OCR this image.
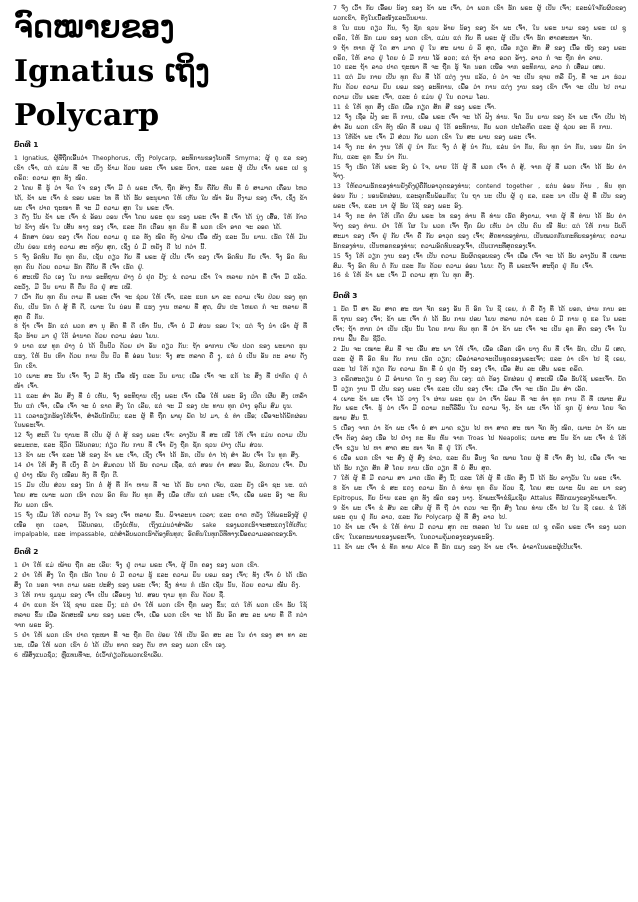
ຈົດໝາຍຂອງ Ignatius ເຖິງ Polycarp
ບົດທີ 1

1 Ignatius, ຜູ້ທີ່ຖືກເອີ້ນວ່າ Theophorus, ເຖິງ Polycarp, ອະທິການຂອງໂບດທີ່ Smyrna; ຜູ້ ດູ ແລ ຂອງ ເຂົາ ເຈົ້າ, ແຕ່ ແມ່ນ ທີ່ ຈະ ເບິ່ງ ຂ້າມ ດ້ວຍ ພຣະ ເຈົ້າ ພຣະ ບິດາ, ແລະ ພຣະ ຜູ້ ເປັນ ເຈົ້າ ພຣະ ເຢ ຊູ ຄຣິດ: ຄວາມ ສຸກ ທັງ ໝົດ.

2 ໂດຍ ທີ່ ຮູ້ ວ່າ ຈິດ ໃຈ ຂອງ ເຈົ້າ ມີ ຕໍ່ ພຣະ ເຈົ້າ, ຖືກ ສ້າງ ຂຶ້ນ ຄືກັບ ຫີນ ທີ່ ບໍ່ ສາມາດ ເຄື່ອນ ໄຫວ ໄດ້, ຂ້າ ພະ ເຈົ້າ ຂໍ ຂອບ ພຣະ ໄທ ທີ່ ໄດ້ ຮັບ ອະນຸຍາດ ໃຫ້ ເຫັນ ໃບ ໜ້າ ອັນ ດີງາມ ຂອງ ເຈົ້າ, ເຊິ່ງ ຂ້າພະ ເຈົ້າ ປາດ ຖະໜາ ທີ່ ຈະ ມີ ຄວາມ ສຸກ ໃນ ພຣະ ເຈົ້າ.

3 ດັ່ງ ນັ້ນ ຂ້າ ພະ ເຈົ້າ ຂໍ ອ້ອນ ວອນ ເຈົ້າ ໂດຍ ພຣະ ຄຸນ ຂອງ ພຣະ ເຈົ້າ ທີ່ ເຈົ້າ ໄດ້ ນຸ່ງ ເສື້ອ, ໃຫ້ ກ້າວ ໄປ ຂ້າງ ໜ້າ ໃນ ເສັ້ນ ທາງ ຂອງ ເຈົ້າ, ແລະ ຕັກ ເຕືອນ ທຸກ ຄົນ ທີ່ ພວກ ເຂົາ ອາດ ຈະ ລອດ ໄດ້.

4 ຮັກສາ ບ່ອນ ຂອງ ເຈົ້າ ດ້ວຍ ຄວາມ ດູ ແລ ທັງ ໝົດ ທັງ ຝ່າຍ ເນື້ອ ໜັງ ແລະ ວິນ ຍານ. ເຮັດ ໃຫ້ ມັນ ເປັນ ບ່ອນ ແຫ່ງ ຄວາມ ສະ ຫງົບ ສຸກ, ເຊິ່ງ ບໍ່ ມີ ຫຍັງ ດີ ໄປ ກວ່າ ນີ້.

5 ຈົ່ງ ອົດທົນ ກັບ ທຸກ ຄົນ, ເຊັ່ນ ດຽວ ກັບ ທີ່ ພຣະ ຜູ້ ເປັນ ເຈົ້າ ຂອງ ເຈົ້າ ອົດທົນ ກັບ ເຈົ້າ. ຈົ່ງ ອົດ ທົນ ທຸກ ຄົນ ດ້ວຍ ຄວາມ ຮັກ ຄືກັບ ທີ່ ເຈົ້າ ເຮັດ ຢູ່.

6 ສະເໜີ ຕົວ ເອງ ໃນ ການ ອະທິຖານ ຢ່າງ ບໍ່ ຢຸດ ຢັ້ງ; ຂໍ ຄວາມ ເຂົ້າ ໃຈ ຫລາຍ ກວ່າ ທີ່ ເຈົ້າ ມີ ແລ້ວ. ລະວັງ, ມີ ວິນ ຍານ ທີ່ ຕື່ນ ຕົວ ຢູ່ ສະ ເໝີ.

7 ເວົ້າ ກັບ ທຸກ ຄົນ ຕາມ ທີ່ ພຣະ ເຈົ້າ ຈະ ຊ່ວຍ ໃຫ້ ເຈົ້າ, ແລະ ແບກ ພາ ລະ ຄວາມ ເຈັບ ປ່ວຍ ຂອງ ທຸກ ຄົນ, ເປັນ ນັກ ຕໍ່ ສູ້ ທີ່ ດີ, ເພາະ ໃນ ບ່ອນ ທີ່ ແຮງ ງານ ຫລາຍ ທີ່ ສຸດ, ຜົນ ປະ ໂຫຍດ ກໍ ຈະ ຫລາຍ ທີ່ ສຸດ ຄື ກັນ.

8 ຖ້າ ເຈົ້າ ຮັກ ແຕ່ ພວກ ສາ ນຸ ສິດ ທີ່ ດີ ເທົ່າ ນັ້ນ, ເຈົ້າ ບໍ່ ມີ ສ່ວນ ຂອບ ໃຈ; ແຕ່ ຈົ່ງ ນຳ ເອົາ ຜູ້ ທີ່ ຊົ່ວ ຮ້າຍ ມາ ຢູ່ ໃຕ້ ອຳນາດ ດ້ວຍ ຄວາມ ອ່ອນ ໂຍນ.

9 ບາດ ແຜ ທຸກ ຢ່າງ ບໍ່ ໄດ້ ປິ່ນປົວ ດ້ວຍ ຢາ ອັນ ດຽວ ກັນ: ຖ້າ ອາການ ເຈັບ ປວດ ຂອງ ພະຍາດ ຮຸນ ແຮງ, ໃຫ້ ບັນ ເທົາ ດ້ວຍ ການ ປິ່ນ ປົວ ທີ່ ອ່ອນ ໂຍນ: ຈົ່ງ ສະ ຫລາດ ຄື ງູ, ແຕ່ ບໍ່ ເປັນ ອັນ ຕະ ລາຍ ດັ່ງ ນົກ ເຂົາ.

10 ເພາະ ສະ ນັ້ນ ເຈົ້າ ຈຶ່ງ ມີ ທັງ ເນື້ອ ໜັງ ແລະ ວິນ ຍານ; ເພື່ອ ເຈົ້າ ຈະ ແກ້ ໄຂ ສິ່ງ ທີ່ ປາກົດ ຢູ່ ຕໍ່ ໜ້າ ເຈົ້າ.

11 ແລະ ສຳ ລັບ ສິ່ງ ທີ່ ບໍ່ ເຫັນ, ຈົ່ງ ອະທິຖານ ເຖິງ ພຣະ ເຈົ້າ ເພື່ອ ໃຫ້ ພຣະ ອົງ ເປີດ ເຜີຍ ສິ່ງ ເຫລົ່າ ນັ້ນ ແກ່ ເຈົ້າ, ເພື່ອ ເຈົ້າ ຈະ ບໍ່ ຂາດ ສິ່ງ ໃດ ເລີຍ, ແຕ່ ຈະ ມີ ຂອງ ປະ ທານ ທຸກ ຢ່າງ ອຸດົມ ສົມ ບູນ.

11 ເວລາຮຽກຮ້ອງໃຫ້ເຈົ້າ, ສຳລັບນັກບິນ; ແລະ ຜູ້ ທີ່ ຖືກ ພາຍຸ ພັດ ໄປ ມາ, ຂໍ ທ່າ ເຮືອ; ເພື່ອຈະໄດ້ພັກຜ່ອນໃນພຣະເຈົ້າ.

12 ຈົ່ງ ສະຕິ ໃນ ຖານະ ທີ່ ເປັນ ຜູ້ ຕໍ່ ສູ້ ຂອງ ພຣະ ເຈົ້າ: ລາງວັນ ທີ່ ສະ ເໜີ ໃຫ້ ເຈົ້າ ແມ່ນ ຄວາມ ເປັນ ອະມະຕະ, ແລະ ຊີວິດ ນິລັນດອນ; ກ່ຽວ ກັບ ການ ທີ່ ເຈົ້າ ຍັງ ຖືກ ຊັກ ຊວນ ຢ່າງ ເຕັມ ສ່ວນ.

13 ຂ້າ ພະ ເຈົ້າ ແລະ ໂສ້ ຂອງ ຂ້າ ພະ ເຈົ້າ, ເຊິ່ງ ເຈົ້າ ໄດ້ ຮັກ, ເປັນ ຄ່າ ໄຖ່ ສຳ ລັບ ເຈົ້າ ໃນ ທຸກ ສິ່ງ.

14 ຢ່າ ໃຫ້ ສິ່ງ ທີ່ ເບິ່ງ ຄື ວ່າ ສົມຄວນ ໄດ້ ຮັບ ຄວາມ ເຊື່ອ, ແຕ່ ສອນ ຄຳ ສອນ ອື່ນ, ລົບກວນ ເຈົ້າ. ຢືນ ຢູ່ ຢ່າງ ໝັ້ນ ຄົງ ເໝືອນ ທັ່ງ ທີ່ ຖືກ ຕີ.

15 ມັນ ເປັນ ສ່ວນ ຂອງ ນັກ ຕໍ່ ສູ້ ທີ່ ກ້າ ຫານ ທີ່ ຈະ ໄດ້ ຮັບ ບາດ ເຈັບ, ແລະ ຍັງ ເອົາ ຊະ ນະ. ແຕ່ ໂດຍ ສະ ເພາະ ພວກ ເຮົາ ຄວນ ອົດ ທົນ ກັບ ທຸກ ສິ່ງ ເພື່ອ ເຫັນ ແກ່ ພຣະ ເຈົ້າ, ເພື່ອ ພຣະ ອົງ ຈະ ທົນ ກັບ ພວກ ເຮົາ.

15 ຈົ່ງ ເພີ່ມ ໃຫ້ ຄວາມ ຕັ້ງ ໃຈ ຂອງ ເຈົ້າ ຫລາຍ ຂຶ້ນ. ພິຈາລະນາ ເວລາ; ແລະ ຄາດ ຫວັງ ໃຫ້ພຣະອົງຜູ້ ຢູ່ເໜືອ ທຸກ ເວລາ, ນິລັນດອນ, ເບິ່ງບໍ່ເຫັນ, ເຖິງແມ່ນວ່າສຳລັບ sake ຂອງພວກເຮົາຈະສະແດງໃຫ້ເຫັນ; impalpable, ແລະ impassable, ແຕ່ສຳລັບພວກເຮົາຕ້ອງທົນທຸກ; ອົດທົນໃນທຸກວິທີທາງເພື່ອຄວາມລອດຂອງເຮົາ.

ບົດທີ 2

1 ຢ່າ ໃຫ້ ແມ່ ໝ້າຍ ຖືກ ລະ ເລີຍ: ຈົ່ງ ຢູ່ ຕາມ ພຣະ ເຈົ້າ, ຜູ້ ປົກ ຄອງ ຂອງ ພວກ ເຂົາ.

2 ຢ່າ ໃຫ້ ສິ່ງ ໃດ ຖືກ ເຮັດ ໂດຍ ບໍ່ ມີ ຄວາມ ຮູ້ ແລະ ຄວາມ ຍິນ ຍອມ ຂອງ ເຈົ້າ; ທັງ ເຈົ້າ ບໍ່ ໄດ້ ເຮັດ ສິ່ງ ໃດ ນອກ ຈາກ ຕາມ ພຣະ ປະສົງ ຂອງ ພຣະ ເຈົ້າ; ຊຶ່ງ ທ່ານ ກໍ ເຮັດ ເຊັ່ນ ນັ້ນ, ດ້ວຍ ຄວາມ ໝັ້ນ ຄົງ.

3 ໃຫ້ ການ ຊຸມນຸມ ຂອງ ເຈົ້າ ເປັນ ເລື້ອຍໆ ໄປ. ສອບ ຖາມ ທຸກ ຄົນ ດ້ວຍ ຊື່.

4 ຢ່າ ແຍກ ຂ້າ ໃຊ້ ຊາຍ ແລະ ຍິງ; ແຕ່ ຢ່າ ໃຫ້ ພວກ ເຂົາ ຖືກ ພອງ ຂຶ້ນ; ແຕ່ ໃຫ້ ພວກ ເຂົາ ຮັບ ໃຊ້ ຫລາຍ ຂຶ້ນ ເພື່ອ ລັດສະໝີ ພາບ ຂອງ ພຣະ ເຈົ້າ, ເພື່ອ ພວກ ເຂົາ ຈະ ໄດ້ ຮັບ ອິດ ສະ ລະ ພາບ ທີ່ ດີ ກວ່າ ຈາກ ພຣະ ອົງ.

5 ຢ່າ ໃຫ້ ພວກ ເຂົາ ປາດ ຖະໜາ ທີ່ ຈະ ຖືກ ປົດ ປ່ອຍ ໃຫ້ ເປັນ ອິດ ສະ ລະ ໃນ ຄ່າ ຂອງ ສາ ທາ ລະ ນະ, ເພື່ອ ໃຫ້ ພວກ ເຂົາ ບໍ່ ໄດ້ ເປັນ ທາດ ຂອງ ຕັນ ຫາ ຂອງ ພວກ ເຂົາ ເອງ.

6 ໜີສິ່ງແນວຊົ່ວ; ຫຼືແທນທີ່ຈະ, ບໍ່ເວົ້າກ່ຽວກັບພວກເຂົາເລີຍ.

7 ຈົ່ງ ເວົ້າ ກັບ ເອື້ອຍ ນ້ອງ ຂອງ ຂ້າ ພະ ເຈົ້າ, ວ່າ ພວກ ເຂົາ ຮັກ ພຣະ ຜູ້ ເປັນ ເຈົ້າ; ແລະພໍໃຈກັບຜົວຂອງພວກເຂົາ, ທັງໃນເນື້ອໜັງແລະວິນຍານ.

8 ໃນ ແບບ ດຽວ ກັນ, ຈົ່ງ ຊັກ ຊວນ ອ້າຍ ນ້ອງ ຂອງ ຂ້າ ພະ ເຈົ້າ, ໃນ ພຣະ ນາມ ຂອງ ພຣະ ເຢ ຊູ ຄຣິດ, ໃຫ້ ຮັກ ເມຍ ຂອງ ພວກ ເຂົາ, ແມ່ນ ແຕ່ ກັບ ທີ່ ພຣະ ຜູ້ ເປັນ ເຈົ້າ ຮັກ ສາດສະໜາ ຈັກ.

9 ຖ້າ ຫາກ ຜູ້ ໃດ ສາ ມາດ ຢູ່ ໃນ ສະ ພາບ ບໍ ລິ ສຸດ, ເພື່ອ ກຽດ ສັກ ສີ ຂອງ ເນື້ອ ໜັງ ຂອງ ພຣະ ຄຣິດ, ໃຫ້ ລາວ ຢູ່ ໂດຍ ບໍ່ ມີ ການ ໂອ້ ອວດ; ແຕ່ ຖ້າ ລາວ ອວດ ອ້າງ, ລາວ ກໍ ຈະ ຖືກ ທຳ ລາຍ.

10 ແລະ ຖ້າ ລາວ ປາດ ຖະໜາ ທີ່ ຈະ ຖືກ ຮູ້ ຈັກ ນອກ ເໜືອ ຈາກ ອະທິການ, ລາວ ກໍ ເສື່ອມ ເສຍ.

11 ແຕ່ ມັນ ກາຍ ເປັນ ທຸກ ຄົນ ທີ່ ໄດ້ ແຕ່ງ ງານ ແລ້ວ, ບໍ່ ວ່າ ຈະ ເປັນ ຊາຍ ຫລື ຍິງ, ທີ່ ຈະ ມາ ຮ່ວມ ກັນ ດ້ວຍ ຄວາມ ຍິນ ຍອມ ຂອງ ອະທິການ, ເພື່ອ ວ່າ ການ ແຕ່ງ ງານ ຂອງ ເຂົາ ເຈົ້າ ຈະ ເປັນ ໄປ ຕາມ ຄວາມ ເປັນ ພຣະ ເຈົ້າ, ແລະ ບໍ່ ແມ່ນ ຢູ່ ໃນ ຄວາມ ໂລບ.

11 ຂໍ ໃຫ້ ທຸກ ສິ່ງ ເຮັດ ເພື່ອ ກຽດ ສັກ ສີ ຂອງ ພຣະ ເຈົ້າ.

12 ຈົ່ງ ເຊື່ອ ຟັງ ອະ ທິ ການ, ເພື່ອ ພຣະ ເຈົ້າ ຈະ ໄດ້ ຟັງ ທ່ານ. ຈິດ ວິນ ຍານ ຂອງ ຂ້າ ພະ ເຈົ້າ ເປັນ ໄຖ່ ສຳ ລັບ ພວກ ເຂົາ ທັງ ໝົດ ທີ່ ຍອມ ຢູ່ ໃຕ້ ອະທິການ, ກັບ ພວກ ປະໂລຫິດ ແລະ ຜູ້ ຊ່ວຍ ອະ ທິ ການ.

13 ໃຫ້ຂ້າ ພະ ເຈົ້າ ມີ ສ່ວນ ກັບ ພວກ ເຂົາ ໃນ ສະ ພາບ ຂອງ ພຣະ ເຈົ້າ.

14 ຈົ່ງ ກະ ທຳ ງານ ໃຫ້ ຢູ່ ນຳ ກັນ: ຈົ່ງ ຕໍ່ ສູ້ ນຳ ກັນ, ແລ່ນ ນຳ ກັນ, ທົນ ທຸກ ນຳ ກັນ, ນອນ ພັກ ນຳ ກັນ, ແລະ ລຸກ ຂຶ້ນ ນຳ ກັນ.

15 ຈົ່ງ ເຮັດ ໃຫ້ ພຣະ ອົງ ພໍ ໃຈ, ພາຍ ໃຕ້ ຜູ້ ທີ່ ພວກ ເຈົ້າ ຕໍ່ ສູ້, ຈາກ ຜູ້ ທີ່ ພວກ ເຈົ້າ ໄດ້ ຮັບ ຄ່າ ຈ້າງ.

13 ໃຫ້ຄວາມຮັກຂອງທ່ານຍັງຄົງຢູ່ຄືກັບອາວຸດຂອງທ່ານ; contend together , ແຕ່ນ ອ່ອນ ກ້ານ , ທົນ ທຸກ ອ່ອນ ກັນ ; ນອນພັກຜ່ອນ, ແລະລຸກຂຶ້ນພ້ອມກັນ; ໃນ ຖາ ນະ ເປັນ ຜູ້ ດູ ແລ, ແລະ ນາ ເປັນ ຜູ້ ທີ່ ເປັນ ຂອງ ພຣະ ເຈົ້າ, ແລະ ນາ ຜູ້ ຮັບ ໃຊ້ ຂອງ ພຣະ ອົງ.

14 ຈົ່ງ ກະ ທຳ ໃຫ້ ເກີດ ຜົນ ພຣະ ໄທ ຂອງ ທ່ານ ທີ່ ທ່ານ ເຮັດ ສົງຄາມ, ຈາກ ຜູ້ ທີ່ ທ່ານ ໄດ້ ຮັບ ຄ່າ ຈ້າງ ຂອງ ທ່ານ. ຢ່າ ໃຫ້ ໃຜ ໃນ ພວກ ເຈົ້າ ຖືກ ພົບ ເຫັນ ວ່າ ເປັນ ຄົນ ໜີ ທັບ: ແຕ່ ໃຫ້ ການ ບັບຕິ ສະມາ ຂອງ ເຈົ້າ ຢູ່ ກັບ ເຈົ້າ ຄື ກັບ ອາວຸດ ຂອງ ເຈົ້າ; ສັດທາຂອງທ່ານ, ເປັນໝວກກັນກະທົບຂອງທ່ານ; ຄວາມຮັກຂອງທ່ານ, ເປັນຫອກຂອງທ່ານ; ຄວາມອົດທົນຂອງເຈົ້າ, ເປັນເກາະທີ່ສຸດຂອງເຈົ້າ.

15 ຈົ່ງ ໃຫ້ ວຽກ ງານ ຂອງ ເຈົ້າ ເປັນ ຄວາມ ຮັບຜິດຊອບຂອງ ເຈົ້າ ເພື່ອ ເຈົ້າ ຈະ ໄດ້ ຮັບ ລາງວັນ ທີ່ ເໝາະ ສົມ. ຈົ່ງ ອົດ ທົນ ຕໍ່ ກັນ ແລະ ກັນ ດ້ວຍ ຄວາມ ອ່ອນ ໂຍນ: ດັ່ງ ທີ່ ພຣະເຈົ້າ ສະຖິດ ຢູ່ ກັບ ເຈົ້າ.

16 ຂໍ ໃຫ້ ຂ້າ ພະ ເຈົ້າ ມີ ຄວາມ ສຸກ ໃນ ທຸກ ສິ່ງ.

ບົດທີ 3

1 ບັດ ນີ້ ສາ ລັບ ສາດ ສະ ໜາ ຈັກ ຂອງ ອັນ ຕິ ອົກ ໃນ ຊີ ເຣຍ, ກໍ ຄື ດັ່ງ ທີ່ ໄດ້ ບອກ, ຜ່ານ ການ ອະ ທິ ຖານ ຂອງ ເຈົ້າ; ຂ້າ ພະ ເຈົ້າ ກໍ ໄດ້ ຮັບ ການ ປອບ ໂຍນ ຫລາຍ ກວ່າ ແລະ ບໍ່ ມີ ການ ດູ ແລ ໃນ ພຣະ ເຈົ້າ; ຖ້າ ຫາກ ວ່າ ເປັນ ເຊັ່ນ ນັ້ນ ໂດຍ ການ ທົນ ທຸກ ທີ່ ວ່າ ຂ້າ ພະ ເຈົ້າ ຈະ ເປັນ ລູກ ສິດ ຂອງ ເຈົ້າ ໃນ ການ ຟື້ນ ຄືນ ຊີວິດ.

2 ມັນ ຈະ ເໝາະ ສົມ ທີ່ ຈະ ເອີ້ນ ສະ ພາ ໃຫ້ ເຈົ້າ, ເພື່ອ ເລືອກ ເອົາ ບາງ ຄົນ ທີ່ ເຈົ້າ ຮັກ, ເປັນ ພິ ເສດ, ແລະ ຜູ້ ທີ່ ອົດ ທົນ ກັບ ການ ເຮັດ ວຽກ; ເພື່ອວ່າລາວຈະເປັນທູດຂອງພຣະເຈົ້າ; ແລະ ວ່າ ເຂົາ ໄປ ຊີ ເຣຍ, ແລະ ໄປ ໃຫ້ ກຽດ ກັບ ຄວາມ ຮັກ ທີ່ ບໍ່ ຢຸດ ຢັ້ງ ຂອງ ເຈົ້າ, ເພື່ອ ສັນ ລະ ເສີນ ພຣະ ຄຣິດ.

3 ຄຣິດສະຕຽນ ບໍ່ ມີ ອຳນາດ ໃດ ໆ ຂອງ ຕົນ ເອງ: ແຕ່ ຕ້ອງ ພັກຜ່ອນ ຢູ່ ສະເໝີ ເພື່ອ ຮັບໃຊ້ ພຣະເຈົ້າ. ບັດ ນີ້ ວຽກ ງານ ນີ້ ເປັນ ຂອງ ພຣະ ເຈົ້າ ແລະ ເປັນ ຂອງ ເຈົ້າ: ເມື່ອ ເຈົ້າ ຈະ ເຮັດ ມັນ ສຳ ເລັດ.

4 ເພາະ ຂ້າ ພະ ເຈົ້າ ໄວ້ ວາງ ໃຈ ຜ່ານ ພຣະ ຄຸນ ວ່າ ເຈົ້າ ພ້ອມ ທີ່ ຈະ ທຳ ທຸກ ການ ດີ ທີ່ ເໝາະ ສົມ ກັບ ພຣະ ເຈົ້າ. ຮູ້ ວ່າ ເຈົ້າ ມີ ຄວາມ ກະຕືລືລົ້ນ ໃນ ຄວາມ ຈິງ, ຂ້າ ພະ ເຈົ້າ ໄດ້ ຊຸກ ຍູ້ ທ່ານ ໂດຍ ຈົດ ໝາຍ ສັ້ນ ນີ້.

5 ເນື່ອງ ຈາກ ວ່າ ຂ້າ ພະ ເຈົ້າ ບໍ່ ສາ ມາດ ຂຽນ ໄປ ຫາ ສາດ ສະ ໜາ ຈັກ ທັງ ໝົດ, ເພາະ ວ່າ ຂ້າ ພະ ເຈົ້າ ຕ້ອງ ລ່ອງ ເຮືອ ໄປ ຢ່າງ ກະ ທັນ ຫັນ ຈາກ Troas ໄປ Neapolis; ເພາະ ສະ ນັ້ນ ຂ້າ ພະ ເຈົ້າ ຂໍ ໃຫ້ ເຈົ້າ ຂຽນ ໄປ ຫາ ສາດ ສະ ໜາ ຈັກ ທີ່ ຢູ່ ໃກ້ ເຈົ້າ.

6 ເພື່ອ ພວກ ເຂົາ ຈະ ສົ່ງ ຜູ້ ສົ່ງ ຂ່າວ, ແລະ ຄົນ ອື່ນໆ ຈົດ ໝາຍ ໂດຍ ຜູ້ ທີ່ ເຈົ້າ ສົ່ງ ໄປ, ເພື່ອ ເຈົ້າ ຈະ ໄດ້ ຮັບ ກຽດ ສັກ ສີ ໂດຍ ການ ເຮັດ ວຽກ ທີ່ ບໍ່ ສິ້ນ ສຸດ.

7 ໃຫ້ ຜູ້ ທີ່ ມີ ຄວາມ ສາ ມາດ ເຮັດ ສິ່ງ ນີ້; ແລະ ໃຫ້ ຜູ້ ທີ່ ເຮັດ ສິ່ງ ນີ້ ໄດ້ ຮັບ ລາງວັນ ໃນ ພຣະ ເຈົ້າ.

8 ຂ້າ ພະ ເຈົ້າ ຂໍ ສະ ແດງ ຄວາມ ຮັກ ຕໍ່ ທ່ານ ທຸກ ຄົນ ດ້ວຍ ຊື່, ໂດຍ ສະ ເພາະ ພັນ ລະ ຍາ ຂອງ Epitropus, ກັບ ບ້ານ ແລະ ລູກ ທັງ ໝົດ ຂອງ ນາງ. ຂ້າພະເຈົ້າຂໍຊົມເຊີຍ Attalus ທີ່ຮັກແພງຂອງຂ້າພະເຈົ້າ.

9 ຂ້າ ພະ ເຈົ້າ ຂໍ ສັນ ລະ ເສີນ ຜູ້ ທີ່ ຖື ວ່າ ຄວນ ຈະ ຖືກ ສົ່ງ ໂດຍ ທ່ານ ເຂົ້າ ໄປ ໃນ ຊີ ເຣຍ. ຂໍ ໃຫ້ ພຣະ ຄຸນ ຢູ່ ກັບ ລາວ, ແລະ ກັບ Polycarp ຜູ້ ທີ່ ສົ່ງ ລາວ ໄປ.

10 ຂ້າ ພະ ເຈົ້າ ຂໍ ໃຫ້ ທ່ານ ມີ ຄວາມ ສຸກ ຕະ ຫລອດ ໄປ ໃນ ພຣະ ເຢ ຊູ ຄຣິດ ພຣະ ເຈົ້າ ຂອງ ພວກ ເຮົາ; ໃນເອກະພາບຂອງພຣະເຈົ້າ, ໃນຄວາມຄຸ້ມຄອງຂອງພຣະອົງ.

11 ຂ້າ ພະ ເຈົ້າ ຂໍ ທັກ ທາຍ Alce ທີ່ ຮັກ ແພງ ຂອງ ຂ້າ ພະ ເຈົ້າ. ອຳລາໃນພຣະຜູ້ເປັນເຈົ້າ.
